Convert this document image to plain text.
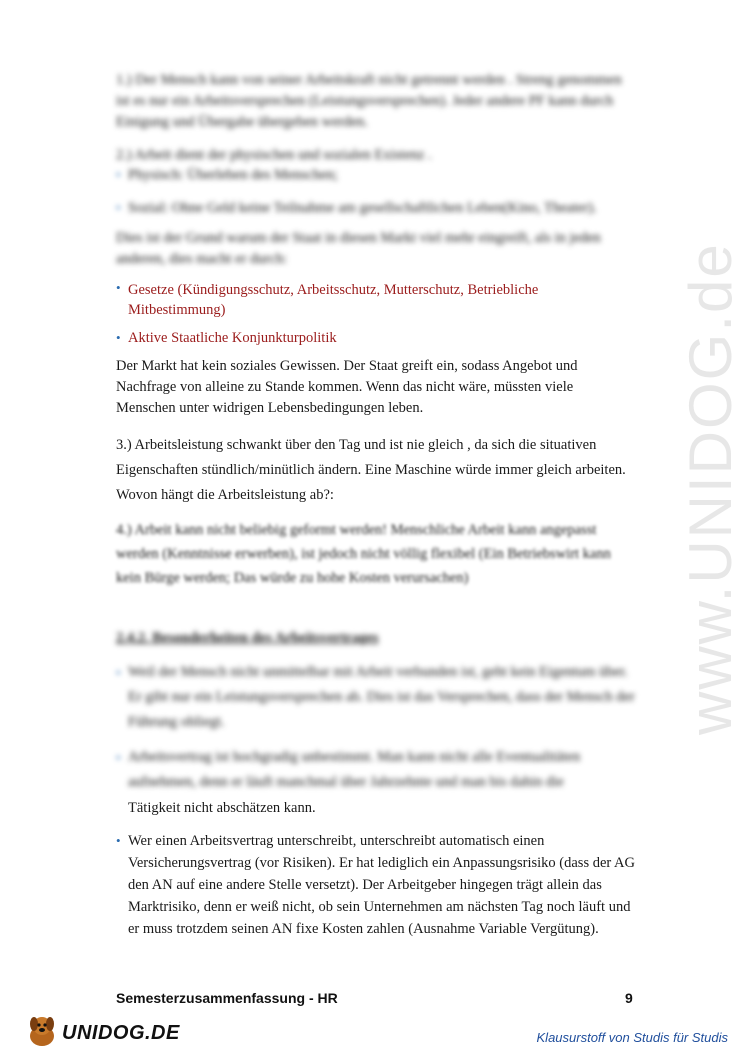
www.UNIDOG.de
1.) Der Mensch kann von seiner Arbeitskraft nicht getrennt werden . Streng genommen ist es nur ein Arbeitsversprechen (Leistungsversprechen). Jeder andere PF kann durch Einigung und Übergabe übergeben werden.
2.) Arbeit dient der physischen und sozialen Existenz .
• Physisch: Überleben des Menschen;
• Sozial: Ohne Geld keine Teilnahme am gesellschaftlichen Leben(Kino, Theater).
Dies ist der Grund warum der Staat in diesen Markt viel mehr eingreift, als in jeden anderen, dies macht er durch:
• Gesetze (Kündigungsschutz, Arbeitsschutz, Mutterschutz, Betriebliche Mitbestimmung)
• Aktive Staatliche Konjunkturpolitik
Der Markt hat kein soziales Gewissen. Der Staat greift ein, sodass Angebot und Nachfrage von alleine zu Stande kommen. Wenn das nicht wäre, müssten viele Menschen unter widrigen Lebensbedingungen leben.
3.) Arbeitsleistung schwankt über den Tag und ist nie gleich , da sich die situativen Eigenschaften stündlich/minütlich ändern. Eine Maschine würde immer gleich arbeiten. Wovon hängt die Arbeitsleistung ab?:
4.) Arbeit kann nicht beliebig geformt werden! Menschliche Arbeit kann angepasst werden (Kenntnisse erwerben), ist jedoch nicht völlig flexibel (Ein Betriebswirt kann kein Bürge werden; Das würde zu hohe Kosten verursachen)
2.4.2. Besonderheiten des Arbeitsvertrages
• Weil der Mensch nicht unmittelbar mit Arbeit verbunden ist, geht kein Eigentum über. Er gibt nur ein Leistungsversprechen ab. Dies ist das Versprechen, dass der Mensch der Führung obliegt.
• Arbeitsvertrag ist hochgradig unbestimmt. Man kann nicht alle Eventualitäten aufnehmen, denn er läuft manchmal über Jahrzehnte und man bis dahin die
Tätigkeit nicht abschätzen kann.
• Wer einen Arbeitsvertrag unterschreibt, unterschreibt automatisch einen Versicherungsvertrag (vor Risiken). Er hat lediglich ein Anpassungsrisiko (dass der AG den AN auf eine andere Stelle versetzt). Der Arbeitgeber hingegen trägt allein das Marktrisiko, denn er weiß nicht, ob sein Unternehmen am nächsten Tag noch läuft und er muss trotzdem seinen AN fixe Kosten zahlen (Ausnahme Variable Vergütung).
Semesterzusammenfassung - HR	9
UNIDOG.DE	Klausurstoff von Studis für Studis
